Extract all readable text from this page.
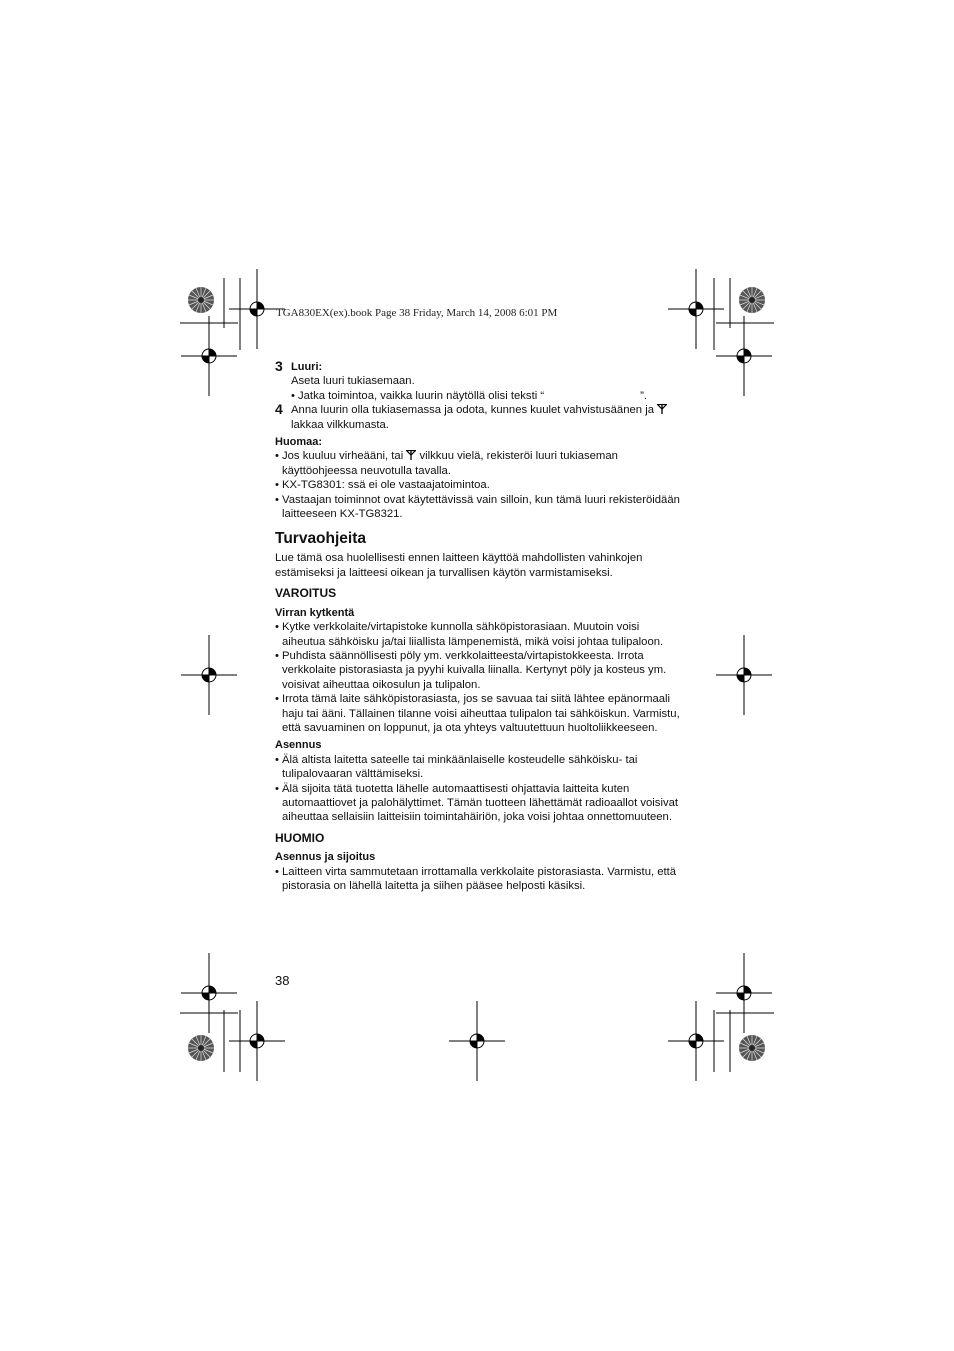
TGA830EX(ex).book Page 38 Friday, March 14, 2008 6:01 PM
3 Luuri:
Aseta luuri tukiasemaan.
• Jatka toimintoa, vaikka luurin näytöllä olisi teksti “	”.
4 Anna luurin olla tukiasemassa ja odota, kunnes kuulet vahvistusäänen ja
lakkaa vilkkumasta.
Huomaa:
• Jos kuuluu virheääni, tai  vilkkuu vielä, rekisteröi luuri tukiaseman käyttöohjeessa neuvotulla tavalla.
• KX-TG8301: ssä ei ole vastaajatoimintoa.
• Vastaajan toiminnot ovat käytettävissä vain silloin, kun tämä luuri rekisteröidään laitteeseen KX-TG8321.
Turvaohjeita
Lue tämä osa huolellisesti ennen laitteen käyttöä mahdollisten vahinkojen estämiseksi ja laitteesi oikean ja turvallisen käytön varmistamiseksi.
VAROITUS
Virran kytkentä
• Kytke verkkolaite/virtapistoke kunnolla sähköpistorasiaan. Muutoin voisi aiheutua sähköisku ja/tai liiallista lämpenemistä, mikä voisi johtaa tulipaloon.
• Puhdista säännöllisesti pöly ym. verkkolaitteesta/virtapistokkeesta. Irrota verkkolaite pistorasiasta ja pyyhi kuivalla liinalla. Kertynyt pöly ja kosteus ym. voisivat aiheuttaa oikosulun ja tulipalon.
• Irrota tämä laite sähköpistorasiasta, jos se savuaa tai siitä lähtee epänormaali haju tai ääni. Tällainen tilanne voisi aiheuttaa tulipalon tai sähköiskun. Varmistu, että savuaminen on loppunut, ja ota yhteys valtuutettuun huoltoliikkeeseen.
Asennus
• Älä altista laitetta sateelle tai minkäänlaiselle kosteudelle sähköisku- tai tulipalovaaran välttämiseksi.
• Älä sijoita tätä tuotetta lähelle automaattisesti ohjattavia laitteita kuten automaattiovet ja palohälyttimet. Tämän tuotteen lähettämät radioaallot voisivat aiheuttaa sellaisiin laitteisiin toimintahäiriön, joka voisi johtaa onnettomuuteen.
HUOMIO
Asennus ja sijoitus
• Laitteen virta sammutetaan irrottamalla verkkolaite pistorasiasta. Varmistu, että pistorasia on lähellä laitetta ja siihen pääsee helposti käsiksi.
38
